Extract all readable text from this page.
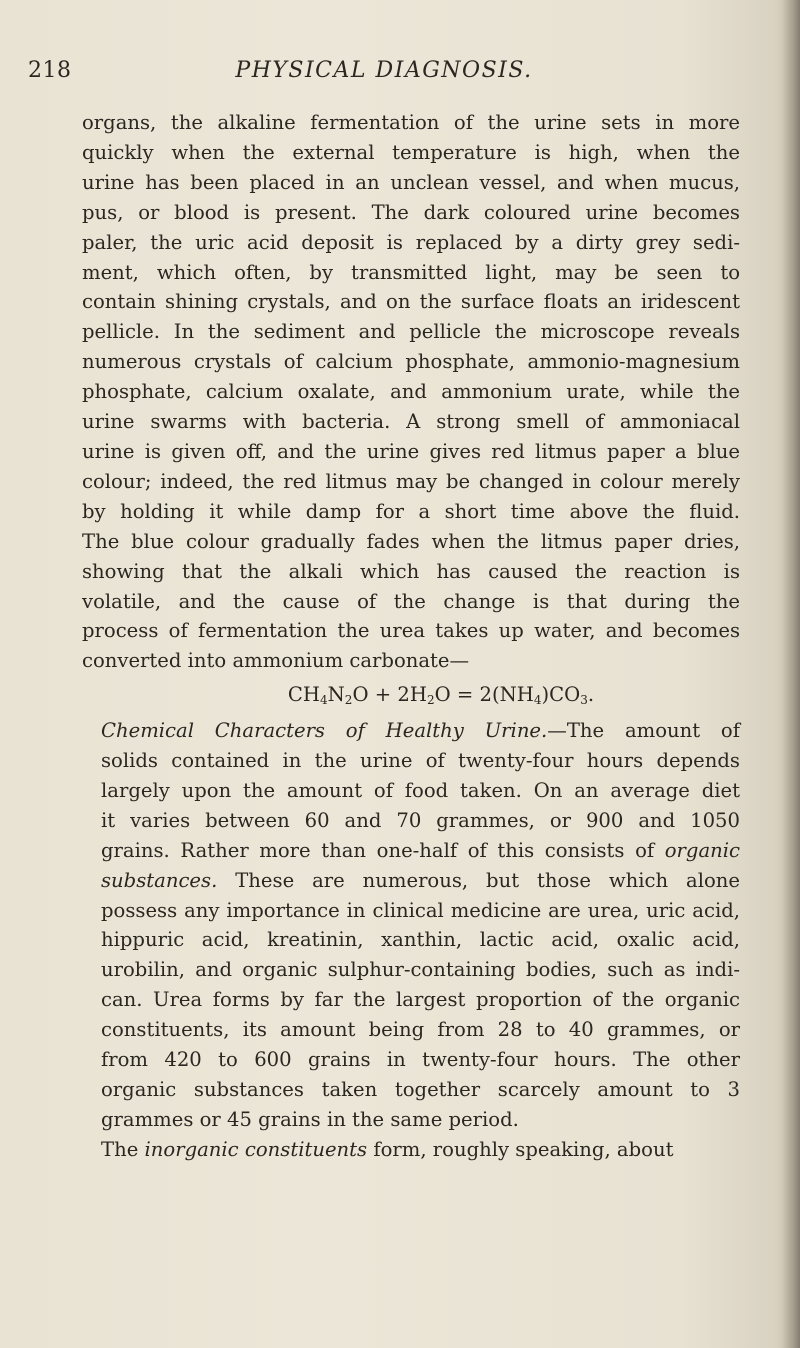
218	PHYSICAL DIAGNOSIS.

organs, the alkaline fermentation of the urine sets in more
quickly when the external temperature is high, when the
urine has been placed in an unclean vessel, and when mucus,
pus, or blood is present. The dark coloured urine becomes
paler, the uric acid deposit is replaced by a dirty grey sedi-
ment, which often, by transmitted light, may be seen to
contain shining crystals, and on the surface floats an iridescent
pellicle. In the sediment and pellicle the microscope reveals
numerous crystals of calcium phosphate, ammonio-magnesium
phosphate, calcium oxalate, and ammonium urate, while the
urine swarms with bacteria. A strong smell of ammoniacal
urine is given off, and the urine gives red litmus paper a blue
colour; indeed, the red litmus may be changed in colour merely
by holding it while damp for a short time above the fluid.
The blue colour gradually fades when the litmus paper dries,
showing that the alkali which has caused the reaction is
volatile, and the cause of the change is that during the
process of fermentation the urea takes up water, and becomes
converted into ammonium carbonate—

$CH_4N_2O + 2H_2O = 2(NH_4)CO_3$.

Chemical Characters of Healthy Urine.—The amount of
solids contained in the urine of twenty-four hours depends
largely upon the amount of food taken. On an average diet
it varies between 60 and 70 grammes, or 900 and 1050
grains. Rather more than one-half of this consists of organic
substances. These are numerous, but those which alone
possess any importance in clinical medicine are urea, uric acid,
hippuric acid, kreatinin, xanthin, lactic acid, oxalic acid,
urobilin, and organic sulphur-containing bodies, such as indi-
can. Urea forms by far the largest proportion of the organic
constituents, its amount being from 28 to 40 grammes, or
from 420 to 600 grains in twenty-four hours. The other
organic substances taken together scarcely amount to 3
grammes or 45 grains in the same period.

The inorganic constituents form, roughly speaking, about
